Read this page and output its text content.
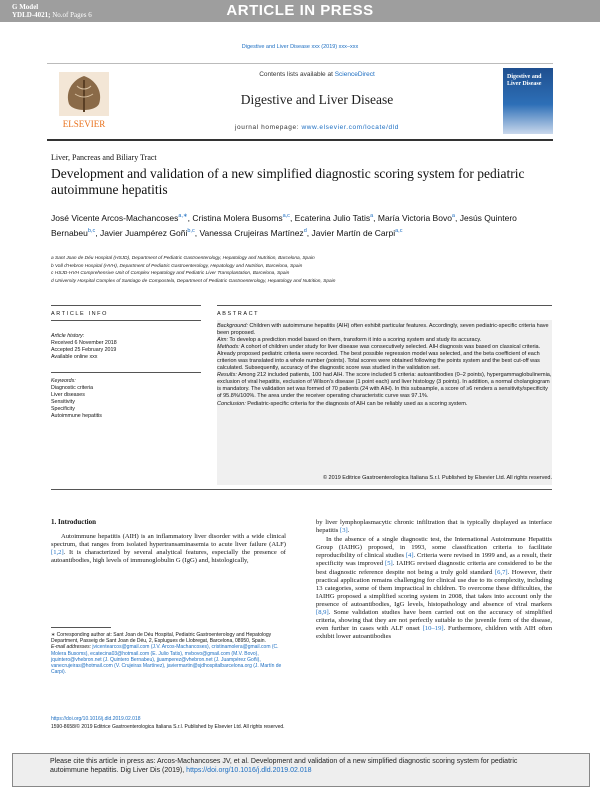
G Model
YDLD-4021; No.of Pages 6	ARTICLE IN PRESS
Digestive and Liver Disease xxx (2019) xxx–xxx
ELSEVIER
Contents lists available at ScienceDirect
Digestive and Liver Disease
journal homepage: www.elsevier.com/locate/dld
Digestive and Liver Disease
Liver, Pancreas and Biliary Tract
Development and validation of a new simplified diagnostic scoring system for pediatric autoimmune hepatitis
José Vicente Arcos-Machancoses$^{a,∗}$, Cristina Molera Busoms$^{a,c}$, Ecaterina Julio Tatis$^a$, María Victoria Bovo$^a$, Jesús Quintero Bernabeu$^{b,c}$, Javier Juampérez Goñi$^{b,c}$, Vanessa Crujeiras Martínez$^d$, Javier Martín de Carpi$^{a,c}$
a Sant Joan de Déu Hospital (HSJD), Department of Pediatric Gastroenterology, Hepatology and Nutrition, Barcelona, Spain
b Vall d'Hebron Hospital (HVH), Department of Pediatric Gastroenterology, Hepatology and Nutrition, Barcelona, Spain
c HSJD-HVH Comprehensive Unit of Complex Hepatology and Pediatric Liver Transplantation, Barcelona, Spain
d University Hospital Complex of Santiago de Compostela, Department of Pediatric Gastroenterology, Hepatology and Nutrition, Spain
ARTICLE INFO	ABSTRACT
Article history:
Received 6 November 2018
Accepted 25 February 2019
Available online xxx
Keywords:
Diagnostic criteria
Liver diseases
Sensitivity
Specificity
Autoimmune hepatitis

Background: Children with autoimmune hepatitis (AIH) often exhibit particular features. Accordingly, seven pediatric-specific criteria have been proposed.

Aim: To develop a prediction model based on them, transform it into a scoring system and study its accuracy.

Methods: A cohort of children under study for liver disease was consecutively selected. AIH diagnosis was based on classical criteria. Already proposed pediatric criteria were recorded. The best possible regression model was selected, and the beta coefficient of each criterion was translated into a whole number (points). Total scores were obtained following the points system and the best cut-off was calculated. Subsequently, accuracy of the diagnostic score was studied in the validation set.

Results: Among 212 included patients, 100 had AIH. The score included 5 criteria: autoantibodies (0–2 points), hypergammaglobulinemia, exclusion of viral hepatitis, exclusion of Wilson's disease (1 point each) and liver histology (3 points). In addition, a normal cholangiogram is mandatory. The validation set was formed of 70 patients (24 with AIH). In this subsample, a score of ≥6 renders a sensitivity/specificity of 95.8%/100%. The area under the receiver operating characteristic curve was 97.1%.

Conclusion: Pediatric-specific criteria for the diagnosis of AIH can be reliably used as a scoring system.

© 2019 Editrice Gastroenterologica Italiana S.r.l. Published by Elsevier Ltd. All rights reserved.
1. Introduction

Autoimmune hepatitis (AIH) is an inflammatory liver disorder with a wide clinical spectrum, that ranges from isolated hypertransaminasemia to acute liver failure (ALF) [1,2]. It is characterized by several analytical features, especially the presence of autoantibodies, high levels of immunoglobulin G (IgG) and, histologically,

by liver lymphoplasmacytic chronic infiltration that is typically displayed as interface hepatitis [3].

In the absence of a single diagnostic test, the International Autoimmune Hepatitis Group (IAIHG) proposed, in 1993, some classification criteria to facilitate reproducibility of clinical studies [4]. Criteria were revised in 1999 and, as a result, their specificity was improved [5]. IAIHG revised diagnostic criteria are considered to be the best diagnostic reference despite not being a truly gold standard [6,7]. However, their practical application remains challenging for clinical use due to its complexity, including 13 categories, some of them impractical in children. To overcome these difficulties, the IAIHG proposed a simplified scoring system in 2008, that takes into account only the presence of autoantibodies, IgG levels, histopathology and absence of viral markers [8,9]. Some validation studies have been carried out on the accuracy of simplified criteria, showing that they are not perfectly suitable to the juvenile form of the disease, even further in cases with ALF onset [10–19]. Furthermore, children with AIH often exhibit lower autoantibodies

∗ Corresponding author at: Sant Joan de Déu Hospital, Pediatric Gastroenterology and Hepatology Department, Passeig de Sant Joan de Déu, 2, Esplugues de Llobregat, Barcelona, 08950, Spain.

E-mail addresses: jvicentearcos@gmail.com (J.V. Arcos-Machancoses), cristinamolera@gmail.com (C. Molera Busoms), ecatecina03@hotmail.com (E. Julio Tatis), mvbovo@gmail.com (M.V. Bovo), jquintero@vhebron.net (J. Quintero Bernabeu), jjuamperez@vhebron.net (J. Juampérez Goñi), vanecrujeiras@hotmail.com (V. Crujeiras Martínez), javiermartin@sjdhospitalbarcelona.org (J. Martín de Carpi).

https://doi.org/10.1016/j.dld.2019.02.018
1590-8658/© 2019 Editrice Gastroenterologica Italiana S.r.l. Published by Elsevier Ltd. All rights reserved.
Please cite this article in press as: Arcos-Machancoses JV, et al. Development and validation of a new simplified diagnostic scoring system for pediatric autoimmune hepatitis. Dig Liver Dis (2019), https://doi.org/10.1016/j.dld.2019.02.018
